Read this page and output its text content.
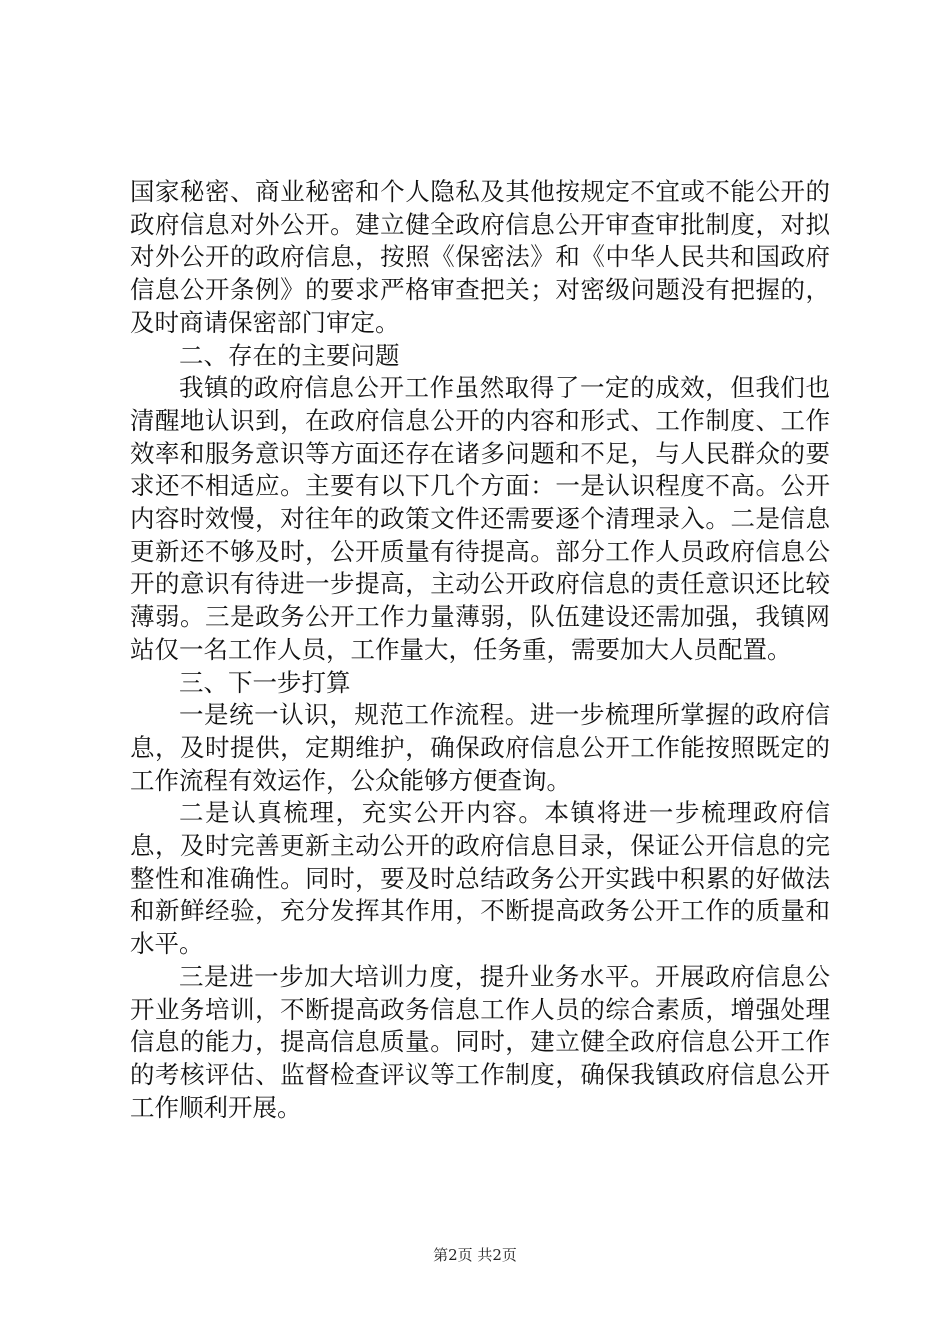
国家秘密、商业秘密和个人隐私及其他按规定不宜或不能公开的政府信息对外公开。建立健全政府信息公开审查审批制度，对拟对外公开的政府信息，按照《保密法》和《中华人民共和国政府信息公开条例》的要求严格审查把关；对密级问题没有把握的，及时商请保密部门审定。

二、存在的主要问题

我镇的政府信息公开工作虽然取得了一定的成效，但我们也清醒地认识到，在政府信息公开的内容和形式、工作制度、工作效率和服务意识等方面还存在诸多问题和不足，与人民群众的要求还不相适应。主要有以下几个方面：一是认识程度不高。公开内容时效慢，对往年的政策文件还需要逐个清理录入。二是信息更新还不够及时，公开质量有待提高。部分工作人员政府信息公开的意识有待进一步提高，主动公开政府信息的责任意识还比较薄弱。三是政务公开工作力量薄弱，队伍建设还需加强，我镇网站仅一名工作人员，工作量大，任务重，需要加大人员配置。

三、下一步打算

一是统一认识，规范工作流程。进一步梳理所掌握的政府信息，及时提供，定期维护，确保政府信息公开工作能按照既定的工作流程有效运作，公众能够方便查询。

二是认真梳理，充实公开内容。本镇将进一步梳理政府信息，及时完善更新主动公开的政府信息目录，保证公开信息的完整性和准确性。同时，要及时总结政务公开实践中积累的好做法和新鲜经验，充分发挥其作用，不断提高政务公开工作的质量和水平。

三是进一步加大培训力度，提升业务水平。开展政府信息公开业务培训，不断提高政务信息工作人员的综合素质，增强处理信息的能力，提高信息质量。同时，建立健全政府信息公开工作的考核评估、监督检查评议等工作制度，确保我镇政府信息公开工作顺利开展。

第2页 共2页
